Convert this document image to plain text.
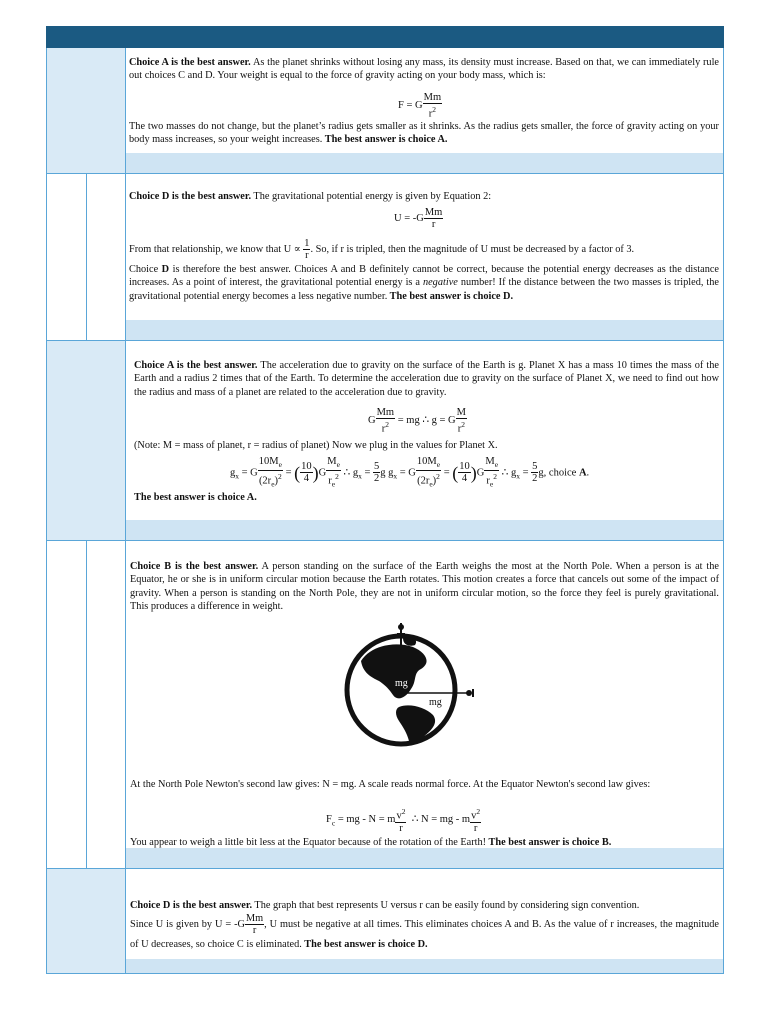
Choice A is the best answer. As the planet shrinks without losing any mass, its density must increase. Based on that, we can immediately rule out choices C and D. Your weight is equal to the force of gravity acting on your body mass, which is:
F = G $\frac{Mm}{r^2}$
The two masses do not change, but the planet’s radius gets smaller as it shrinks. As the radius gets smaller, the force of gravity acting on your body mass increases, so your weight increases. The best answer is choice A.
Choice D is the best answer. The gravitational potential energy is given by Equation 2:
$U = -G \frac{Mm}{r}$
From that relationship, we know that $U \propto \frac{1}{r}$ . So, if r is tripled, then the magnitude of U must be decreased by a factor of 3.
Choice D is therefore the best answer. Choices A and B definitely cannot be correct, because the potential energy decreases as the distance increases. As a point of interest, the gravitational potential energy is a negative number! If the distance between the two masses is tripled, the gravitational potential energy becomes a less negative number. The best answer is choice D.
Choice A is the best answer. The acceleration due to gravity on the surface of the Earth is g. Planet X has a mass 10 times the mass of the Earth and a radius 2 times that of the Earth. To determine the acceleration due to gravity on the surface of Planet X, we need to find out how the radius and mass of a planet are related to the acceleration due to gravity.
G $\frac{Mm}{r^2}$ = mg ∴ g = G $\frac{M}{r^2}$
(Note: M = mass of planet, r = radius of planet) Now we plug in the values for Planet X.
$g_x = G \frac{10M_e}{(2r_e)^2}$ = ( $\frac{10}{4} )G \frac{M_e}{r_e^2}$ ∴ $g_x = \frac{5}{2}$ g $g_x = G \frac{10M_e}{(2r_e)^2}$ = ( $\frac{10}{4} )G \frac{M_e}{r_e^2}$ ∴ $g_x = \frac{5}{2} g$, choice A.
The best answer is choice A.
Choice B is the best answer. A person standing on the surface of the Earth weighs the most at the North Pole. When a person is at the Equator, he or she is in uniform circular motion because the Earth rotates. This motion creates a force that cancels out some of the impact of gravity. When a person is standing on the North Pole, they are not in uniform circular motion, so the force they feel is purely gravitational. This produces a difference in weight.
mg
mg
At the North Pole Newton's second law gives: N = mg. A scale reads normal force. At the Equator Newton's second law gives:
$F_c$ = mg - N = m $\frac{v^2}{r}$ ∴ N = mg - m $\frac{v^2}{r}$
You appear to weigh a little bit less at the Equator because of the rotation of the Earth! The best answer is choice B.
Choice D is the best answer. The graph that best represents U versus r can be easily found by considering sign convention.
Since U is given by $U = -G \frac{Mm}{r}$ , U must be negative at all times. This eliminates choices A and B. As the value of r increases, the magnitude of U decreases, so choice C is eliminated. The best answer is choice D.
